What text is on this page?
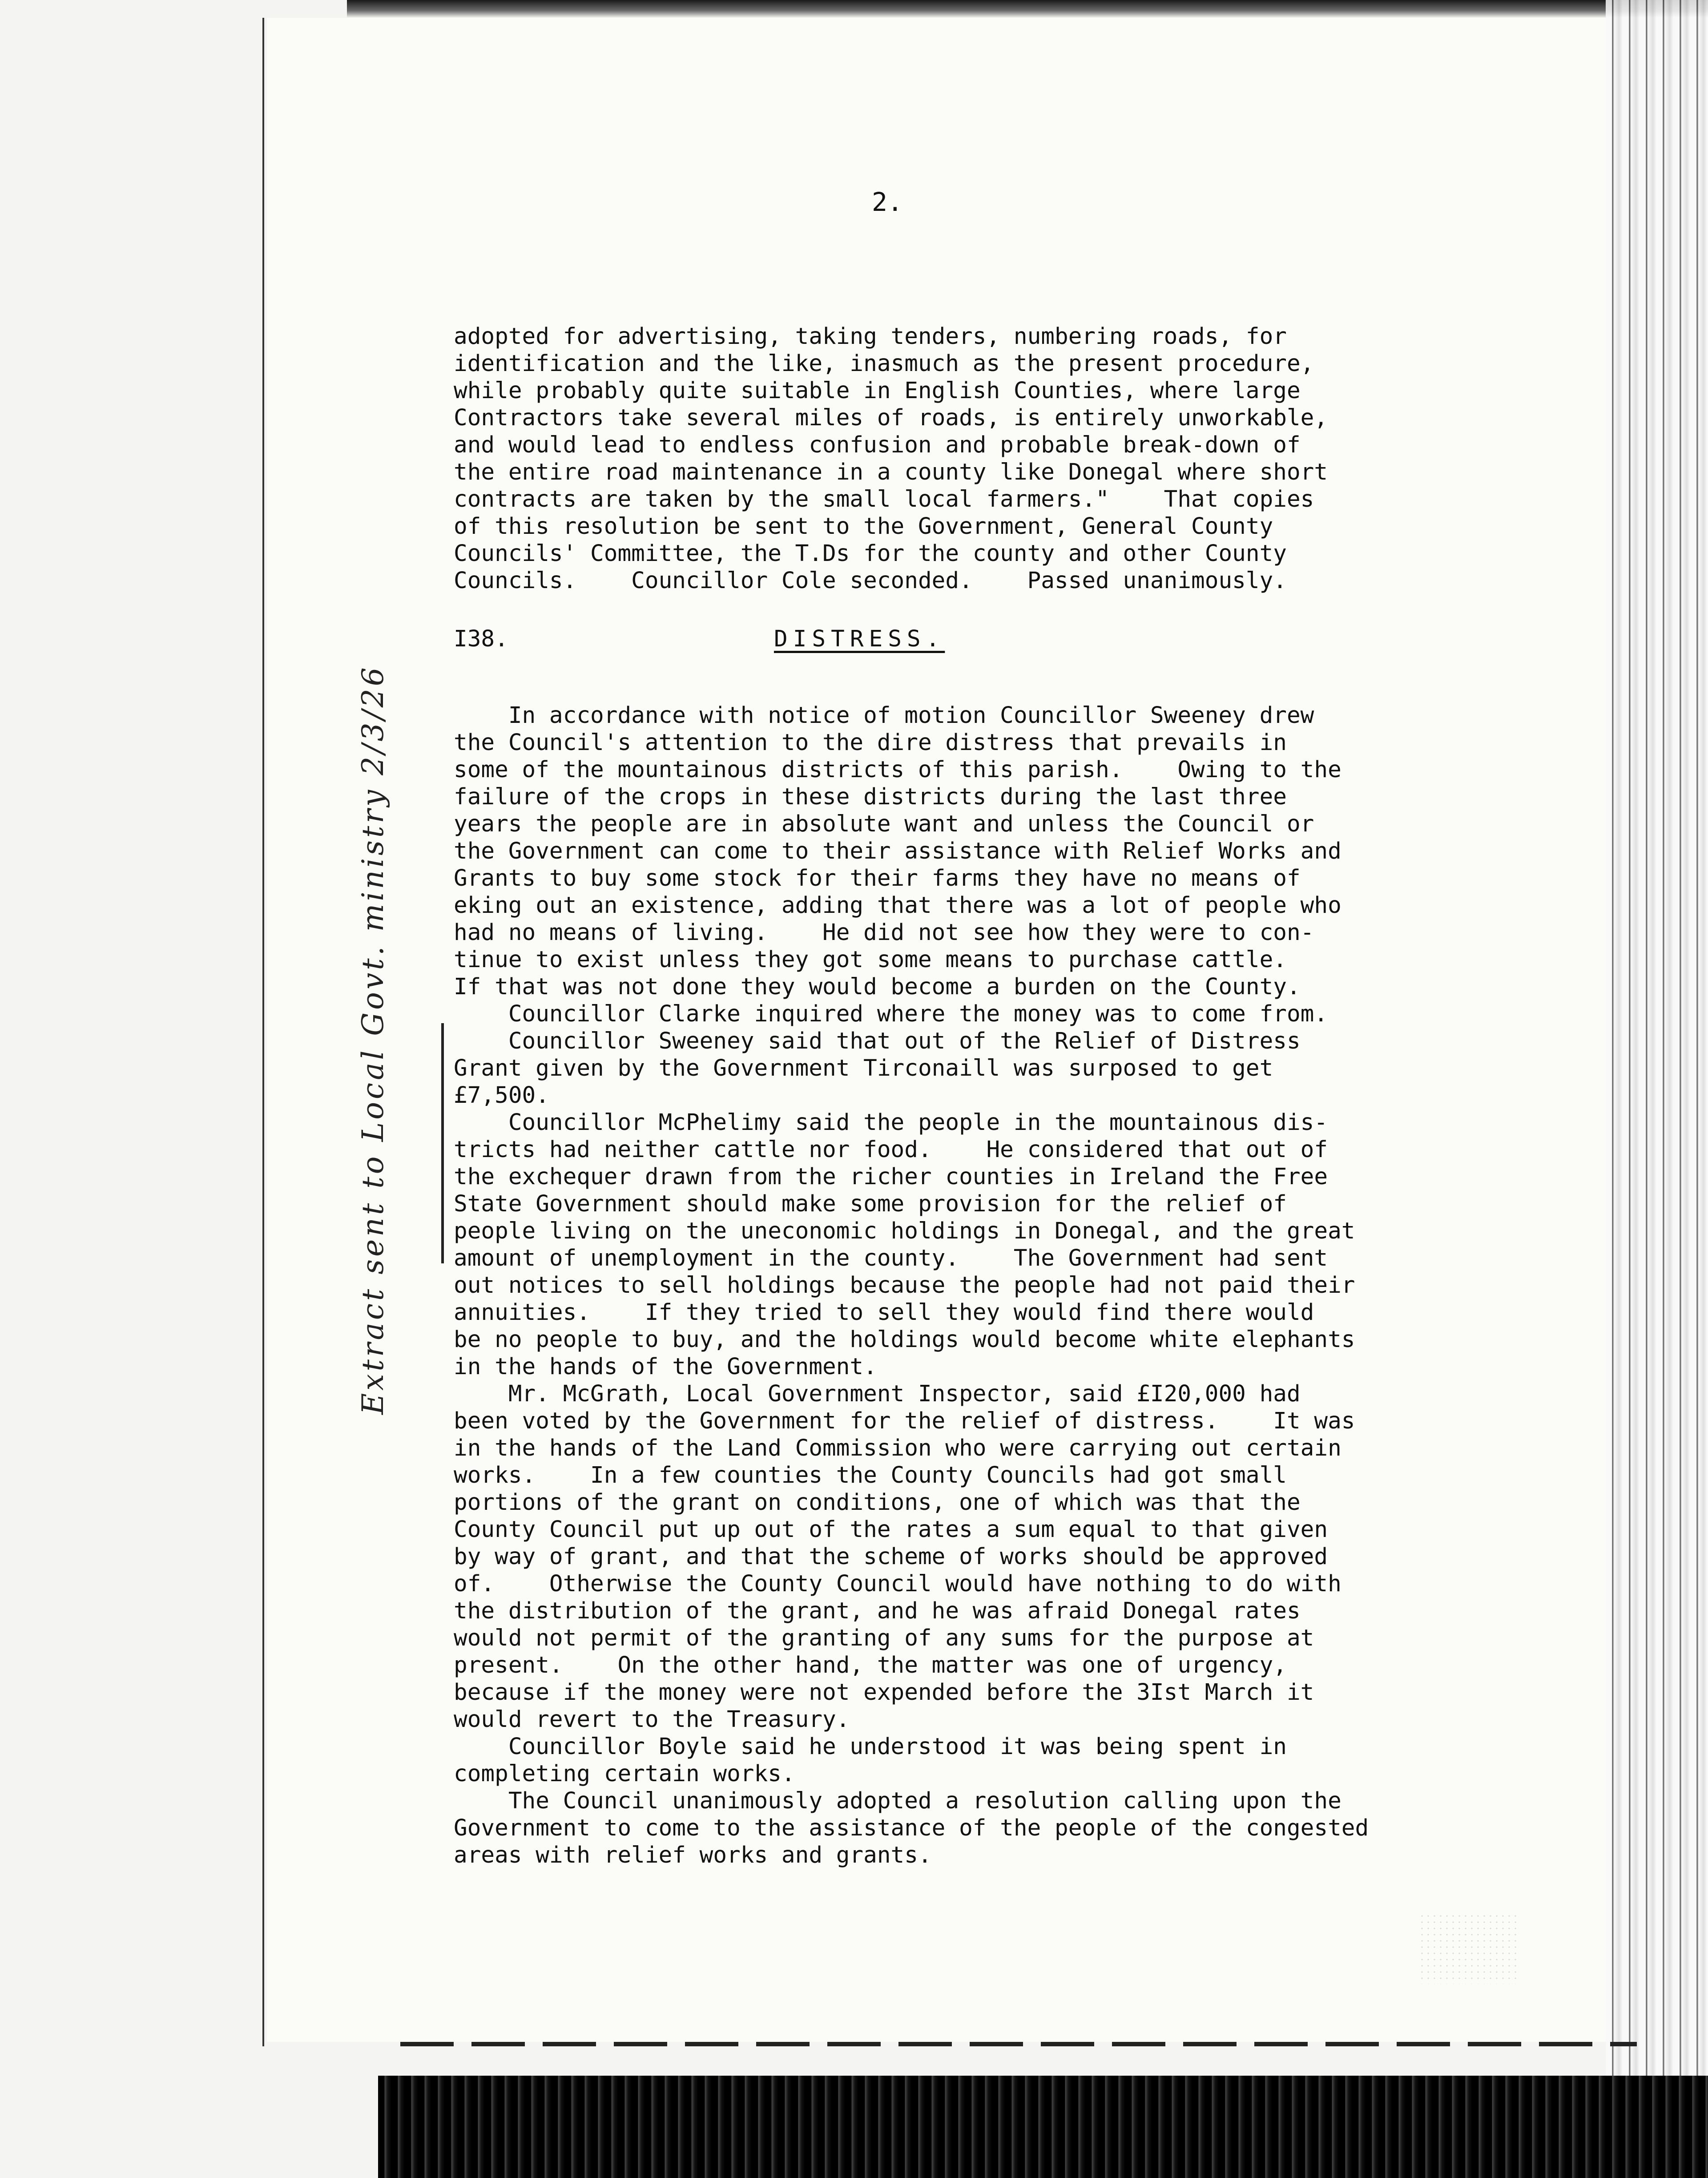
2.
adopted for advertising, taking tenders, numbering roads, for
identification and the like, inasmuch as the present procedure,
while probably quite suitable in English Counties, where large
Contractors take several miles of roads, is entirely unworkable,
and would lead to endless confusion and probable break-down of
the entire road maintenance in a county like Donegal where short
contracts are taken by the small local farmers."    That copies
of this resolution be sent to the Government, General County
Councils' Committee, the T.Ds for the county and other County
Councils.    Councillor Cole seconded.    Passed unanimously.
I38.	DISTRESS.
In accordance with notice of motion Councillor Sweeney drew
the Council's attention to the dire distress that prevails in
some of the mountainous districts of this parish.    Owing to the
failure of the crops in these districts during the last three
years the people are in absolute want and unless the Council or
the Government can come to their assistance with Relief Works and
Grants to buy some stock for their farms they have no means of
eking out an existence, adding that there was a lot of people who
had no means of living.    He did not see how they were to con-
tinue to exist unless they got some means to purchase cattle.
If that was not done they would become a burden on the County.
Councillor Clarke inquired where the money was to come from.
Councillor Sweeney said that out of the Relief of Distress
Grant given by the Government Tirconaill was surposed to get
£7,500.
Councillor McPhelimy said the people in the mountainous dis-
tricts had neither cattle nor food.    He considered that out of
the exchequer drawn from the richer counties in Ireland the Free
State Government should make some provision for the relief of
people living on the uneconomic holdings in Donegal, and the great
amount of unemployment in the county.    The Government had sent
out notices to sell holdings because the people had not paid their
annuities.    If they tried to sell they would find there would
be no people to buy, and the holdings would become white elephants
in the hands of the Government.
Mr. McGrath, Local Government Inspector, said £I20,000 had
been voted by the Government for the relief of distress.    It was
in the hands of the Land Commission who were carrying out certain
works.    In a few counties the County Councils had got small
portions of the grant on conditions, one of which was that the
County Council put up out of the rates a sum equal to that given
by way of grant, and that the scheme of works should be approved
of.    Otherwise the County Council would have nothing to do with
the distribution of the grant, and he was afraid Donegal rates
would not permit of the granting of any sums for the purpose at
present.    On the other hand, the matter was one of urgency,
because if the money were not expended before the 3Ist March it
would revert to the Treasury.
Councillor Boyle said he understood it was being spent in
completing certain works.
The Council unanimously adopted a resolution calling upon the
Government to come to the assistance of the people of the congested
areas with relief works and grants.
Extract sent to Local Govt. ministry 2/3/26
